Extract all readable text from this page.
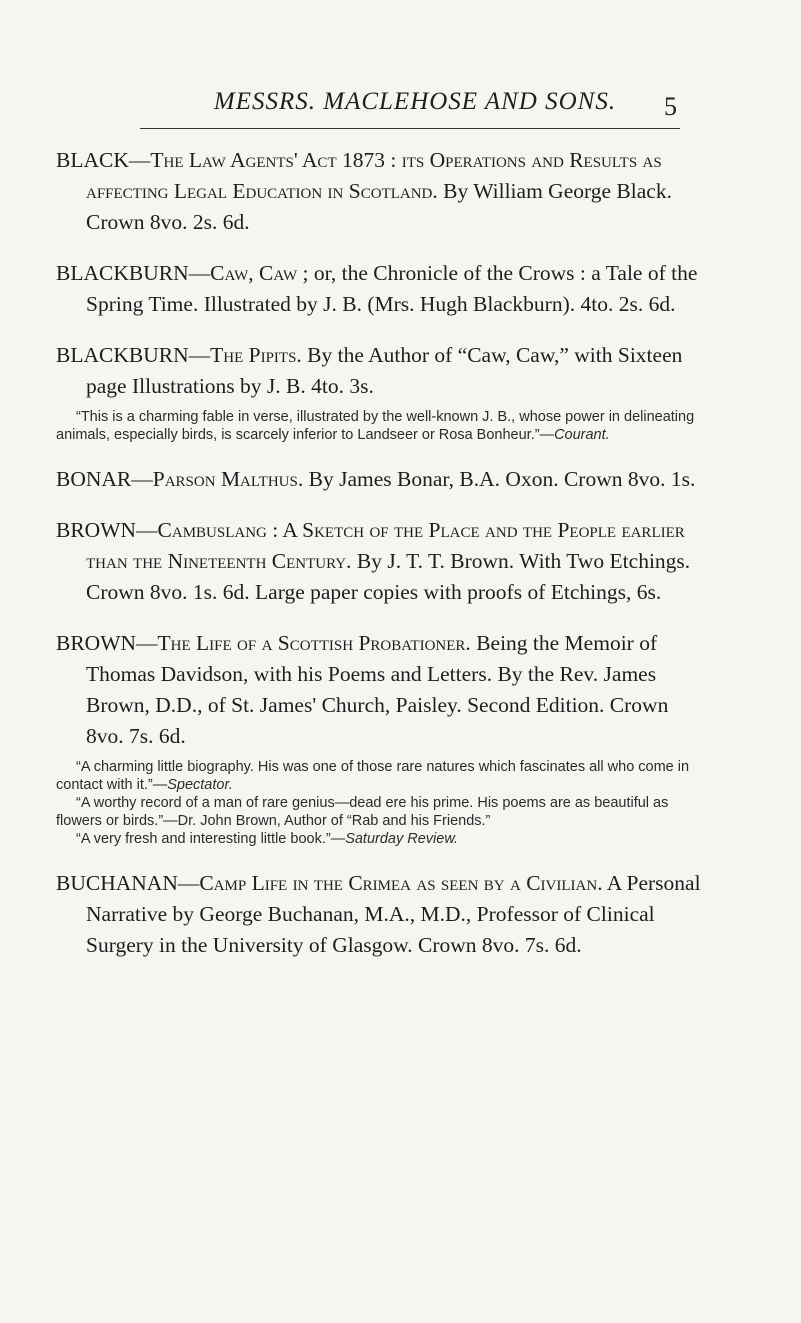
MESSRS. MACLEHOSE AND SONS.	5

BLACK—The Law Agents' Act 1873 : its Operations and Results as affecting Legal Education in Scotland. By William George Black. Crown 8vo. 2s. 6d.

BLACKBURN—Caw, Caw ; or, the Chronicle of the Crows : a Tale of the Spring Time. Illustrated by J. B. (Mrs. Hugh Blackburn). 4to. 2s. 6d.

BLACKBURN—The Pipits. By the Author of “Caw, Caw,” with Sixteen page Illustrations by J. B. 4to. 3s.

“This is a charming fable in verse, illustrated by the well-known J. B., whose power in delineating animals, especially birds, is scarcely inferior to Landseer or Rosa Bonheur.”—Courant.

BONAR—Parson Malthus. By James Bonar, B.A. Oxon. Crown 8vo. 1s.

BROWN—Cambuslang : A Sketch of the Place and the People earlier than the Nineteenth Century. By J. T. T. Brown. With Two Etchings. Crown 8vo. 1s. 6d. Large paper copies with proofs of Etchings, 6s.

BROWN—The Life of a Scottish Probationer. Being the Memoir of Thomas Davidson, with his Poems and Letters. By the Rev. James Brown, D.D., of St. James' Church, Paisley. Second Edition. Crown 8vo. 7s. 6d.

“A charming little biography. His was one of those rare natures which fascinates all who come in contact with it.”—Spectator.

“A worthy record of a man of rare genius—dead ere his prime. His poems are as beautiful as flowers or birds.”—Dr. John Brown, Author of “Rab and his Friends.”

“A very fresh and interesting little book.”—Saturday Review.

BUCHANAN—Camp Life in the Crimea as seen by a Civilian. A Personal Narrative by George Buchanan, M.A., M.D., Professor of Clinical Surgery in the University of Glasgow. Crown 8vo. 7s. 6d.
